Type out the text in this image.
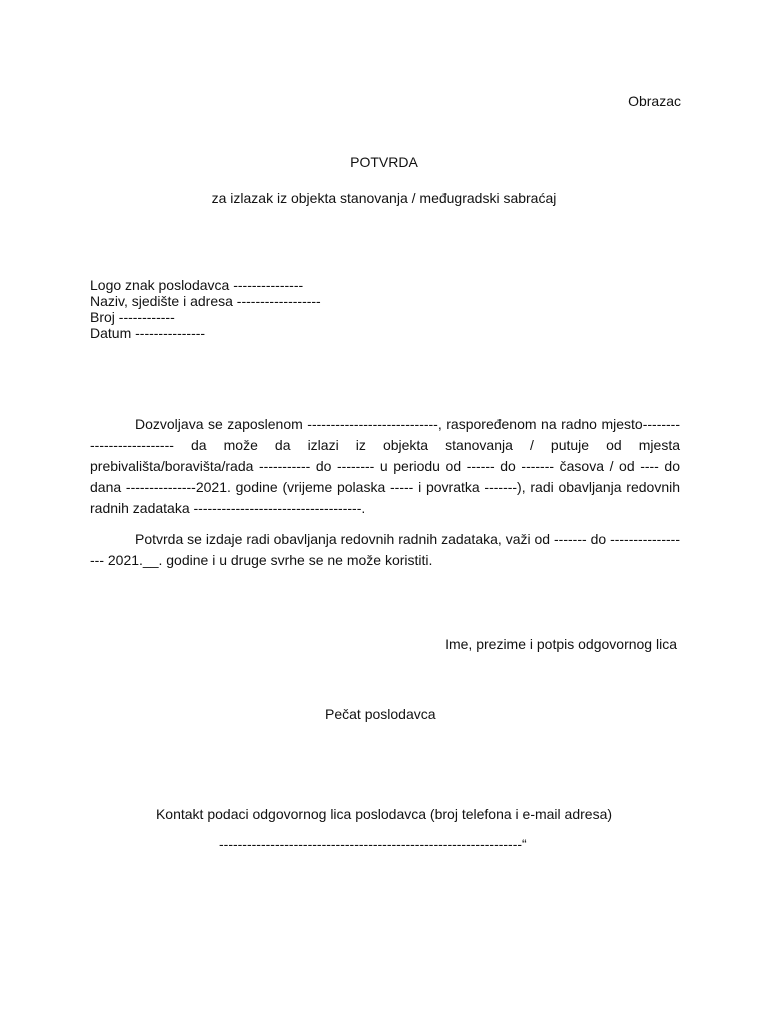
Obrazac
POTVRDA
za izlazak iz objekta stanovanja / međugradski sabraćaj
Logo znak poslodavca ---------------
Naziv, sjedište i adresa ------------------
Broj ------------
Datum ---------------

Dozvoljava se zaposlenom ----------------------------, raspoređenom na radno mjesto-------------------------- da može da izlazi iz objekta stanovanja / putuje od mjesta prebivališta/boravišta/rada ----------- do -------- u periodu od ------ do ------- časova / od ---- do dana ---------------2021. godine (vrijeme polaska ----- i povratka -------), radi obavljanja redovnih radnih zadataka ------------------------------------.

Potvrda se izdaje radi obavljanja redovnih radnih zadataka, važi od ------- do ------------------ 2021.__. godine i u druge svrhe se ne može koristiti.

Ime, prezime i potpis odgovornog lica
Pečat poslodavca
Kontakt podaci odgovornog lica poslodavca (broj telefona i e-mail adresa)
-----------------------------------------------------------------“
